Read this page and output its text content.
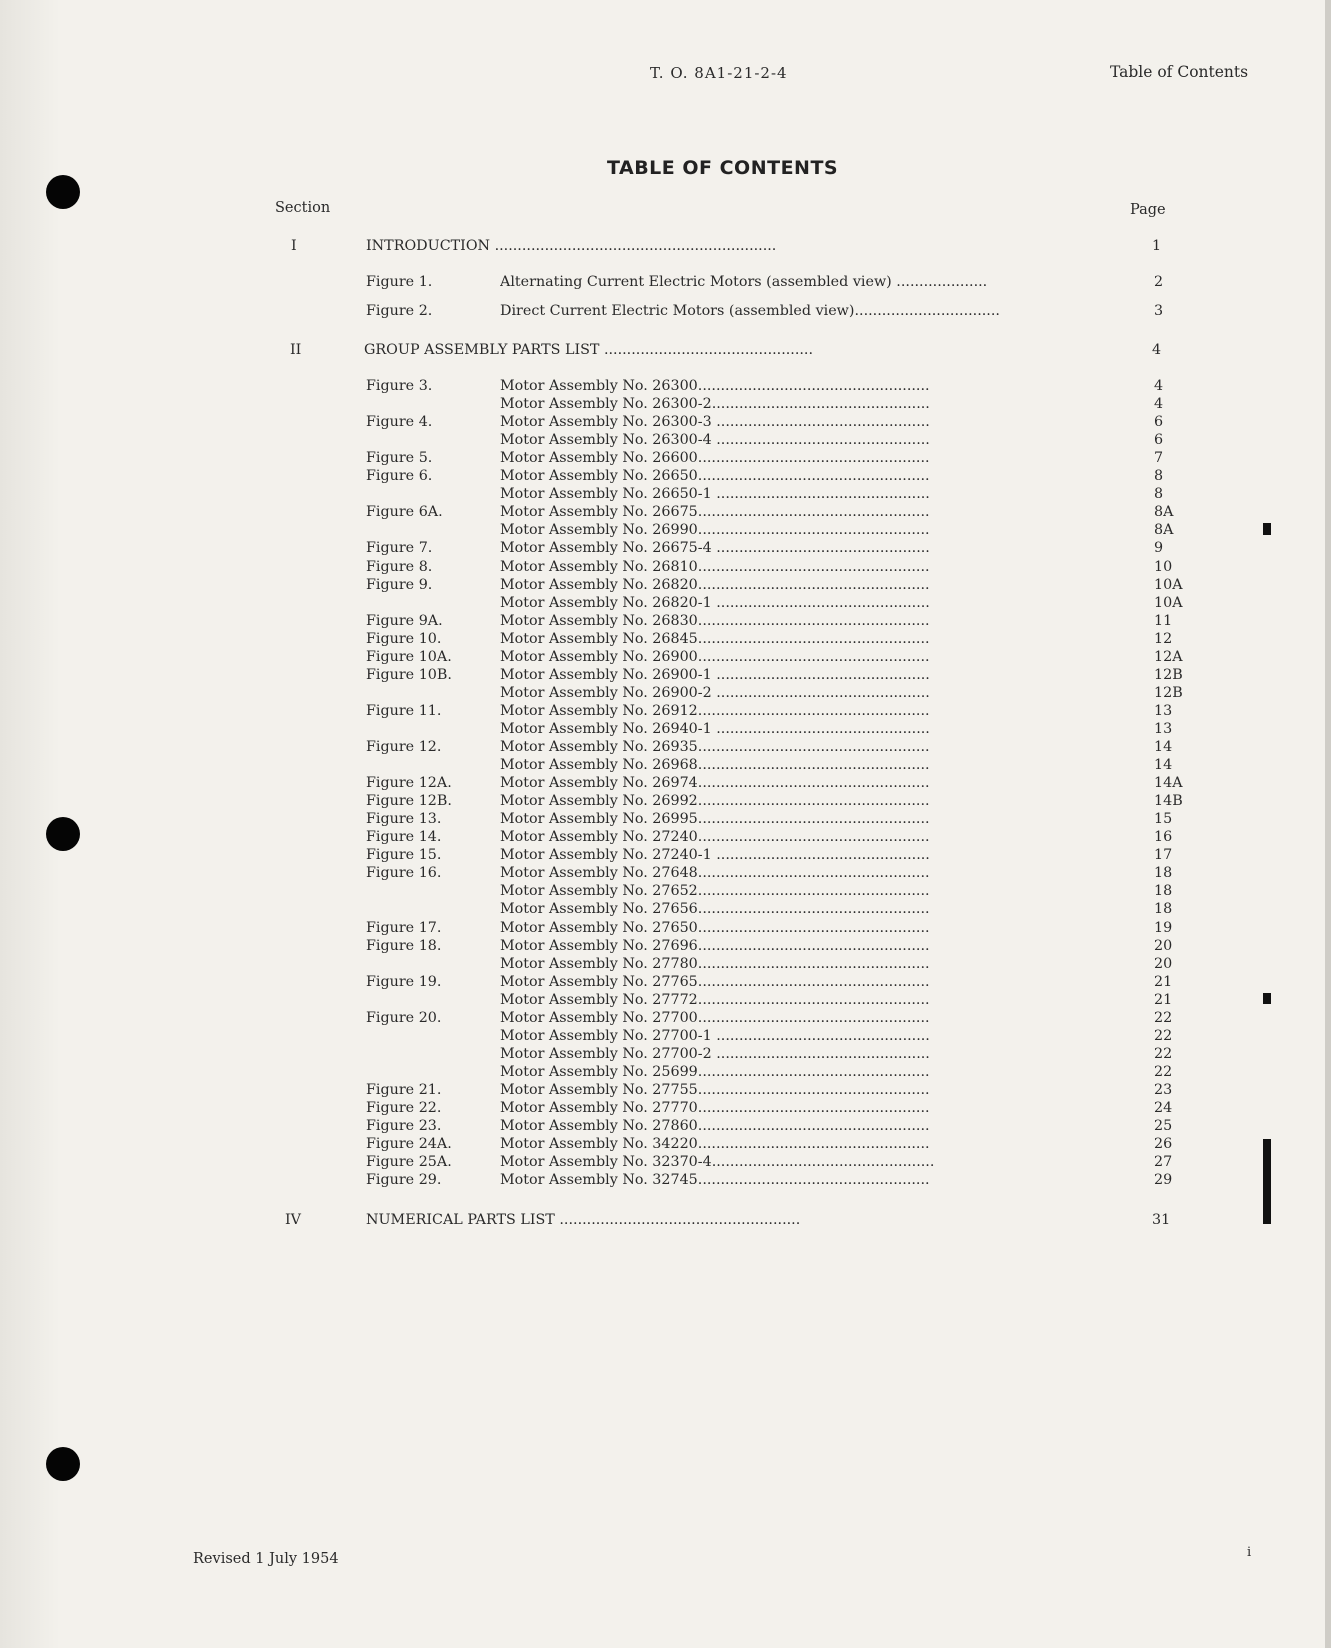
T. O. 8A1-21-2-4	Table of Contents
TABLE OF CONTENTS
Section	Page
I	INTRODUCTION ..............................................................	1
Figure 1.	Alternating Current Electric Motors (assembled view) ....................	2
Figure 2.	Direct Current Electric Motors (assembled view)................................	3
II	GROUP ASSEMBLY PARTS LIST ..............................................	4
Figure 3.	Motor Assembly No. 26300...................................................	4
Motor Assembly No. 26300-2................................................	4
Figure 4.	Motor Assembly No. 26300-3 ...............................................	6
Motor Assembly No. 26300-4 ...............................................	6
Figure 5.	Motor Assembly No. 26600...................................................	7
Figure 6.	Motor Assembly No. 26650...................................................	8
Motor Assembly No. 26650-1 ...............................................	8
Figure 6A.	Motor Assembly No. 26675...................................................	8A
Motor Assembly No. 26990...................................................	8A
Figure 7.	Motor Assembly No. 26675-4 ...............................................	9
Figure 8.	Motor Assembly No. 26810...................................................	10
Figure 9.	Motor Assembly No. 26820...................................................	10A
Motor Assembly No. 26820-1 ...............................................	10A
Figure 9A.	Motor Assembly No. 26830...................................................	11
Figure 10.	Motor Assembly No. 26845...................................................	12
Figure 10A.	Motor Assembly No. 26900...................................................	12A
Figure 10B.	Motor Assembly No. 26900-1 ...............................................	12B
Motor Assembly No. 26900-2 ...............................................	12B
Figure 11.	Motor Assembly No. 26912...................................................	13
Motor Assembly No. 26940-1 ...............................................	13
Figure 12.	Motor Assembly No. 26935...................................................	14
Motor Assembly No. 26968...................................................	14
Figure 12A.	Motor Assembly No. 26974...................................................	14A
Figure 12B.	Motor Assembly No. 26992...................................................	14B
Figure 13.	Motor Assembly No. 26995...................................................	15
Figure 14.	Motor Assembly No. 27240...................................................	16
Figure 15.	Motor Assembly No. 27240-1 ...............................................	17
Figure 16.	Motor Assembly No. 27648...................................................	18
Motor Assembly No. 27652...................................................	18
Motor Assembly No. 27656...................................................	18
Figure 17.	Motor Assembly No. 27650...................................................	19
Figure 18.	Motor Assembly No. 27696...................................................	20
Motor Assembly No. 27780...................................................	20
Figure 19.	Motor Assembly No. 27765...................................................	21
Motor Assembly No. 27772...................................................	21
Figure 20.	Motor Assembly No. 27700...................................................	22
Motor Assembly No. 27700-1 ...............................................	22
Motor Assembly No. 27700-2 ...............................................	22
Motor Assembly No. 25699...................................................	22
Figure 21.	Motor Assembly No. 27755...................................................	23
Figure 22.	Motor Assembly No. 27770...................................................	24
Figure 23.	Motor Assembly No. 27860...................................................	25
Figure 24A.	Motor Assembly No. 34220...................................................	26
Figure 25A.	Motor Assembly No. 32370-4.................................................	27
Figure 29.	Motor Assembly No. 32745...................................................	29
IV	NUMERICAL PARTS LIST .....................................................	31
Revised 1 July 1954	i
